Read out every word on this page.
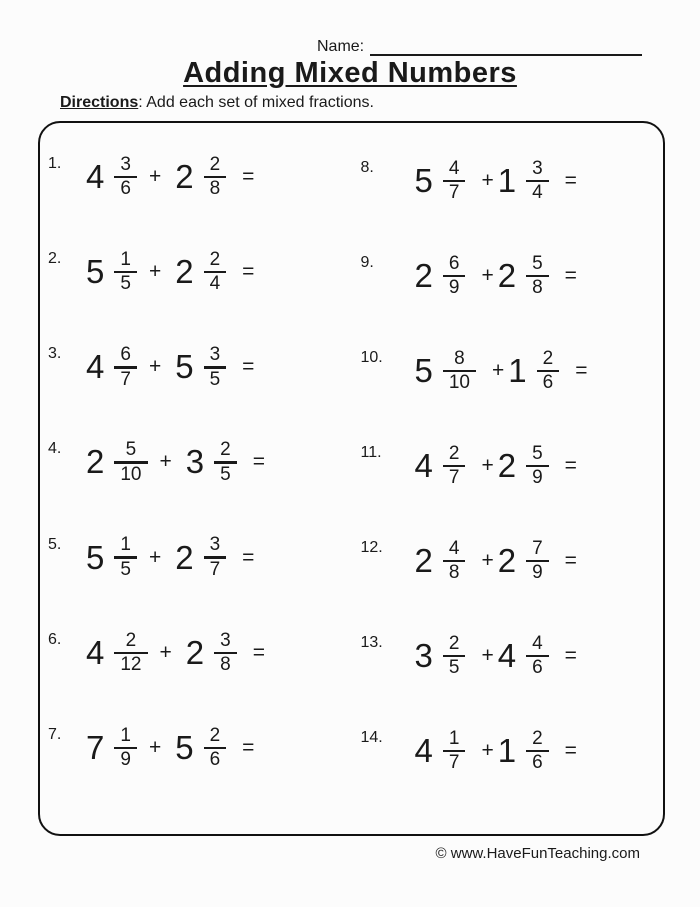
Name:
Adding Mixed Numbers
Directions: Add each set of mixed fractions.
1. $4 \frac{3}{6} + 2 \frac{2}{8}$ =
2. $5 \frac{1}{5} + 2 \frac{2}{4}$ =
3. $4 \frac{6}{7} + 5 \frac{3}{5}$ =
4. $2 \frac{5}{10} + 3 \frac{2}{5}$ =
5. $5 \frac{1}{5} + 2 \frac{3}{7}$ =
6. $4 \frac{2}{12} + 2 \frac{3}{8}$ =
7. $7 \frac{1}{9} + 5 \frac{2}{6}$ =
8.	$5 \frac{4}{7} + 1 \frac{3}{4}$ =
9.	$2 \frac{6}{9} + 2 \frac{5}{8}$ =
10. $5 \frac{8}{10} + 1 \frac{2}{6}$ =
11. $4 \frac{2}{7} + 2 \frac{5}{9}$ =
12. $2 \frac{4}{8} + 2 \frac{7}{9}$ =
13. $3 \frac{2}{5} + 4 \frac{4}{6}$ =
14. $4 \frac{1}{7} + 1 \frac{2}{6}$ =
© www.HaveFunTeaching.com
